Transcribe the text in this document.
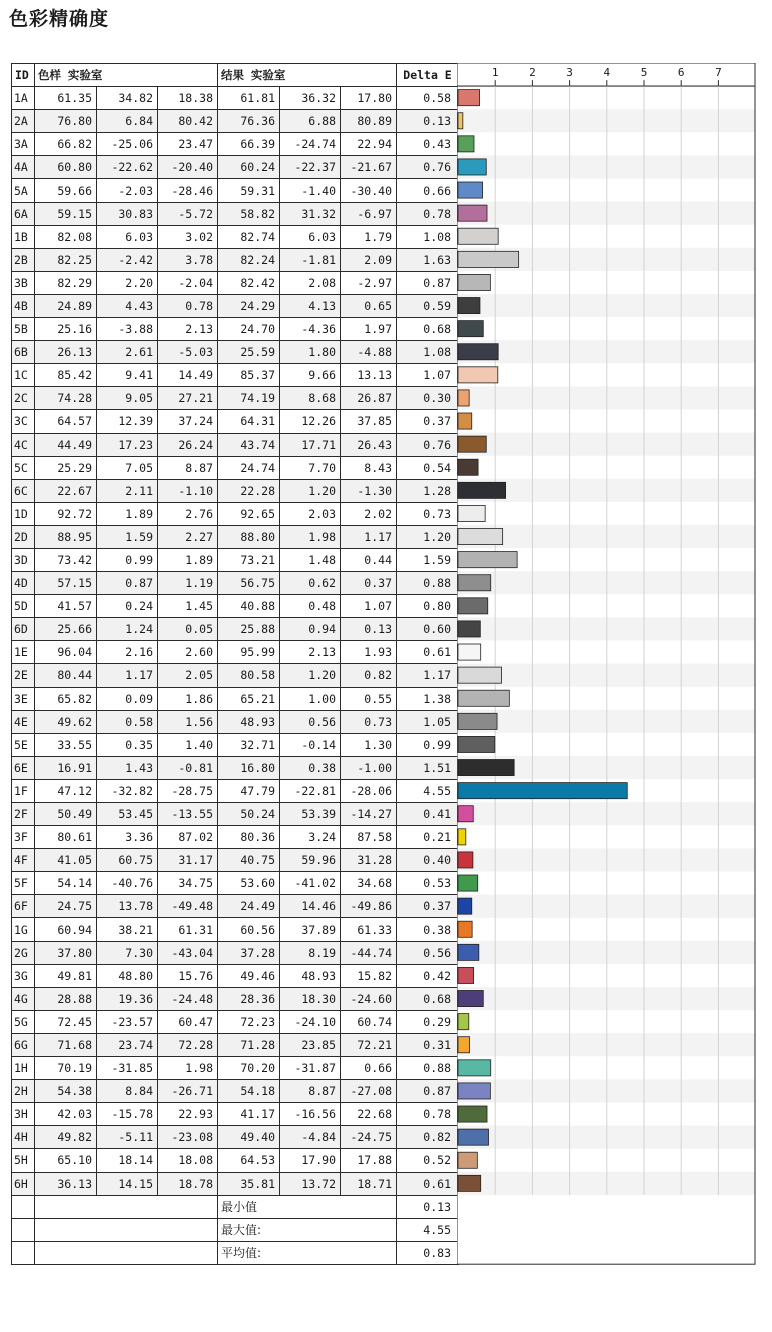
色彩精确度
ID	色样 实验室			结果 实验室			Delta E
1A	61.35	34.82	18.38	61.81	36.32	17.80	0.58
2A	76.80	6.84	80.42	76.36	6.88	80.89	0.13
3A	66.82	-25.06	23.47	66.39	-24.74	22.94	0.43
4A	60.80	-22.62	-20.40	60.24	-22.37	-21.67	0.76
5A	59.66	-2.03	-28.46	59.31	-1.40	-30.40	0.66
6A	59.15	30.83	-5.72	58.82	31.32	-6.97	0.78
1B	82.08	6.03	3.02	82.74	6.03	1.79	1.08
2B	82.25	-2.42	3.78	82.24	-1.81	2.09	1.63
3B	82.29	2.20	-2.04	82.42	2.08	-2.97	0.87
4B	24.89	4.43	0.78	24.29	4.13	0.65	0.59
5B	25.16	-3.88	2.13	24.70	-4.36	1.97	0.68
6B	26.13	2.61	-5.03	25.59	1.80	-4.88	1.08
1C	85.42	9.41	14.49	85.37	9.66	13.13	1.07
2C	74.28	9.05	27.21	74.19	8.68	26.87	0.30
3C	64.57	12.39	37.24	64.31	12.26	37.85	0.37
4C	44.49	17.23	26.24	43.74	17.71	26.43	0.76
5C	25.29	7.05	8.87	24.74	7.70	8.43	0.54
6C	22.67	2.11	-1.10	22.28	1.20	-1.30	1.28
1D	92.72	1.89	2.76	92.65	2.03	2.02	0.73
2D	88.95	1.59	2.27	88.80	1.98	1.17	1.20
3D	73.42	0.99	1.89	73.21	1.48	0.44	1.59
4D	57.15	0.87	1.19	56.75	0.62	0.37	0.88
5D	41.57	0.24	1.45	40.88	0.48	1.07	0.80
6D	25.66	1.24	0.05	25.88	0.94	0.13	0.60
1E	96.04	2.16	2.60	95.99	2.13	1.93	0.61
2E	80.44	1.17	2.05	80.58	1.20	0.82	1.17
3E	65.82	0.09	1.86	65.21	1.00	0.55	1.38
4E	49.62	0.58	1.56	48.93	0.56	0.73	1.05
5E	33.55	0.35	1.40	32.71	-0.14	1.30	0.99
6E	16.91	1.43	-0.81	16.80	0.38	-1.00	1.51
1F	47.12	-32.82	-28.75	47.79	-22.81	-28.06	4.55
2F	50.49	53.45	-13.55	50.24	53.39	-14.27	0.41
3F	80.61	3.36	87.02	80.36	3.24	87.58	0.21
4F	41.05	60.75	31.17	40.75	59.96	31.28	0.40
5F	54.14	-40.76	34.75	53.60	-41.02	34.68	0.53
6F	24.75	13.78	-49.48	24.49	14.46	-49.86	0.37
1G	60.94	38.21	61.31	60.56	37.89	61.33	0.38
2G	37.80	7.30	-43.04	37.28	8.19	-44.74	0.56
3G	49.81	48.80	15.76	49.46	48.93	15.82	0.42
4G	28.88	19.36	-24.48	28.36	18.30	-24.60	0.68
5G	72.45	-23.57	60.47	72.23	-24.10	60.74	0.29
6G	71.68	23.74	72.28	71.28	23.85	72.21	0.31
1H	70.19	-31.85	1.98	70.20	-31.87	0.66	0.88
2H	54.38	8.84	-26.71	54.18	8.87	-27.08	0.87
3H	42.03	-15.78	22.93	41.17	-16.56	22.68	0.78
4H	49.82	-5.11	-23.08	49.40	-4.84	-24.75	0.82
5H	65.10	18.14	18.08	64.53	17.90	17.88	0.52
6H	36.13	14.15	18.78	35.81	13.72	18.71	0.61
				最小值			0.13
				最大值:			4.55
				平均值:			0.83
1	2	3	4	5	6	7
